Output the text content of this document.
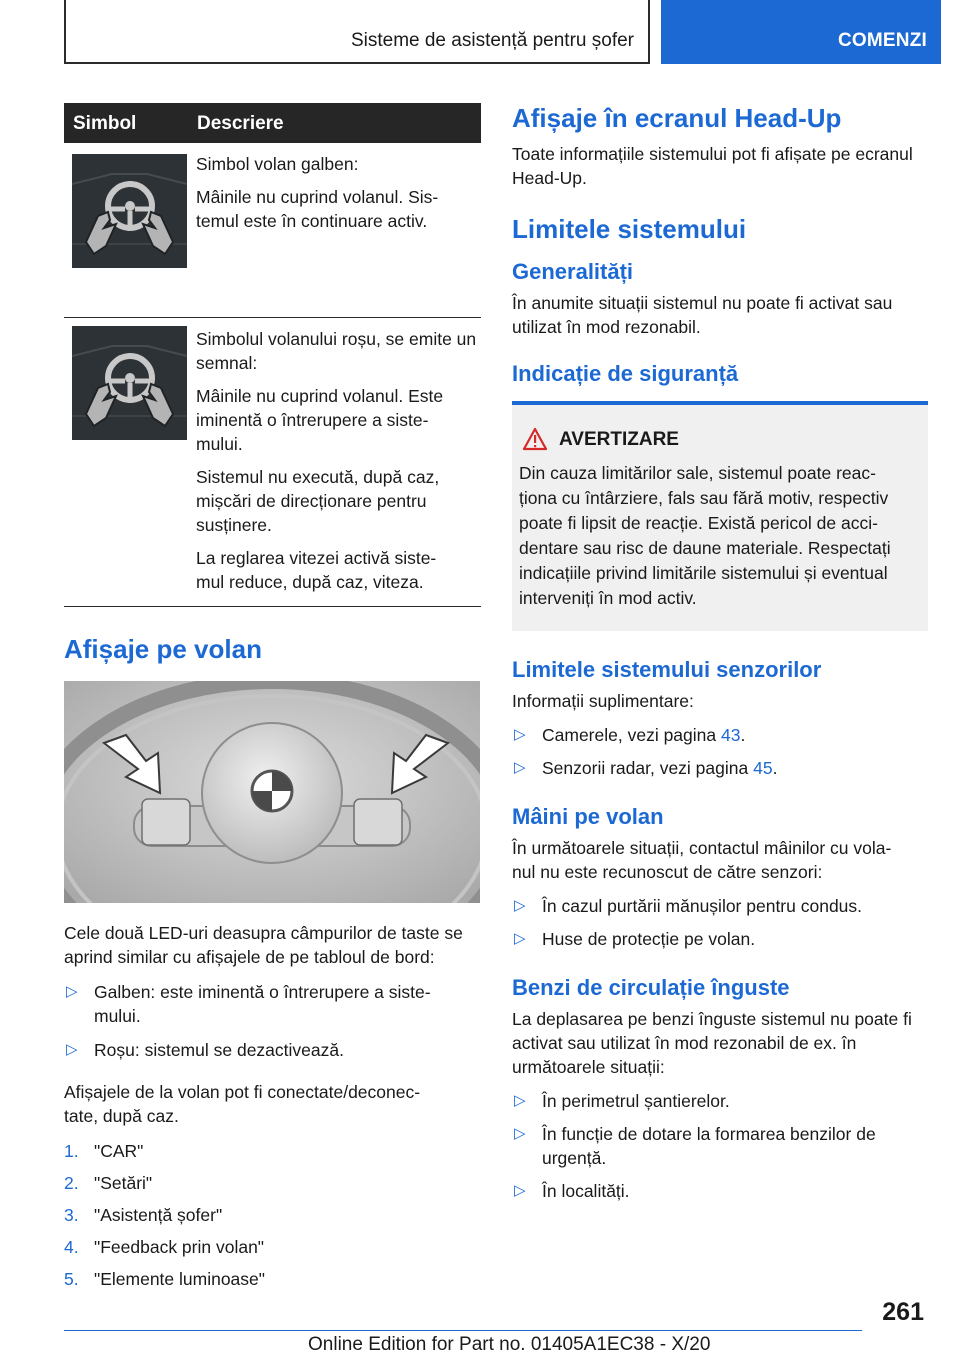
Sisteme de asistență pentru șofer	COMENZI
Simbol	Descriere

Simbol volan galben:

Mâinile nu cuprind volanul. Sis-
temul este în continuare activ.

Simbolul volanului roșu, se emite un semnal:

Mâinile nu cuprind volanul. Este iminentă o întrerupere a siste-
mului.

Sistemul nu execută, după caz, mișcări de direcționare pentru susținere.

La reglarea vitezei activă siste-
mul reduce, după caz, viteza.

Afișaje pe volan

Cele două LED-uri deasupra câmpurilor de taste se aprind similar cu afișajele de pe tabloul de bord:

▷ Galben: este iminentă o întrerupere a siste-
mului.
▷ Roșu: sistemul se dezactivează.

Afișajele de la volan pot fi conectate/deconec-
tate, după caz.

1. "CAR"
2. "Setări"
3. "Asistență șofer"
4. "Feedback prin volan"
5. "Elemente luminoase"
Afișaje în ecranul Head-Up

Toate informațiile sistemului pot fi afișate pe ecranul Head-Up.

Limitele sistemului
Generalități

În anumite situații sistemul nu poate fi activat sau utilizat în mod rezonabil.

Indicație de siguranță
AVERTIZARE

Din cauza limitărilor sale, sistemul poate reac-
ționa cu întârziere, fals sau fără motiv, respectiv poate fi lipsit de reacție. Există pericol de acci-
dentare sau risc de daune materiale. Respectați indicațiile privind limitările sistemului și eventual interveniți în mod activ.

Limitele sistemului senzorilor

Informații suplimentare:

▷ Camerele, vezi pagina 43.
▷ Senzorii radar, vezi pagina 45.
Mâini pe volan

În următoarele situații, contactul mâinilor cu vola-
nul nu este recunoscut de către senzori:

▷ În cazul purtării mănușilor pentru condus.
▷ Huse de protecție pe volan.
Benzi de circulație înguste

La deplasarea pe benzi înguste sistemul nu poate fi activat sau utilizat în mod rezonabil de ex. în următoarele situații:

▷ În perimetrul șantierelor.
▷ În funcție de dotare la formarea benzilor de urgență.
▷ În localități.
261
Online Edition for Part no. 01405A1EC38 - X/20
